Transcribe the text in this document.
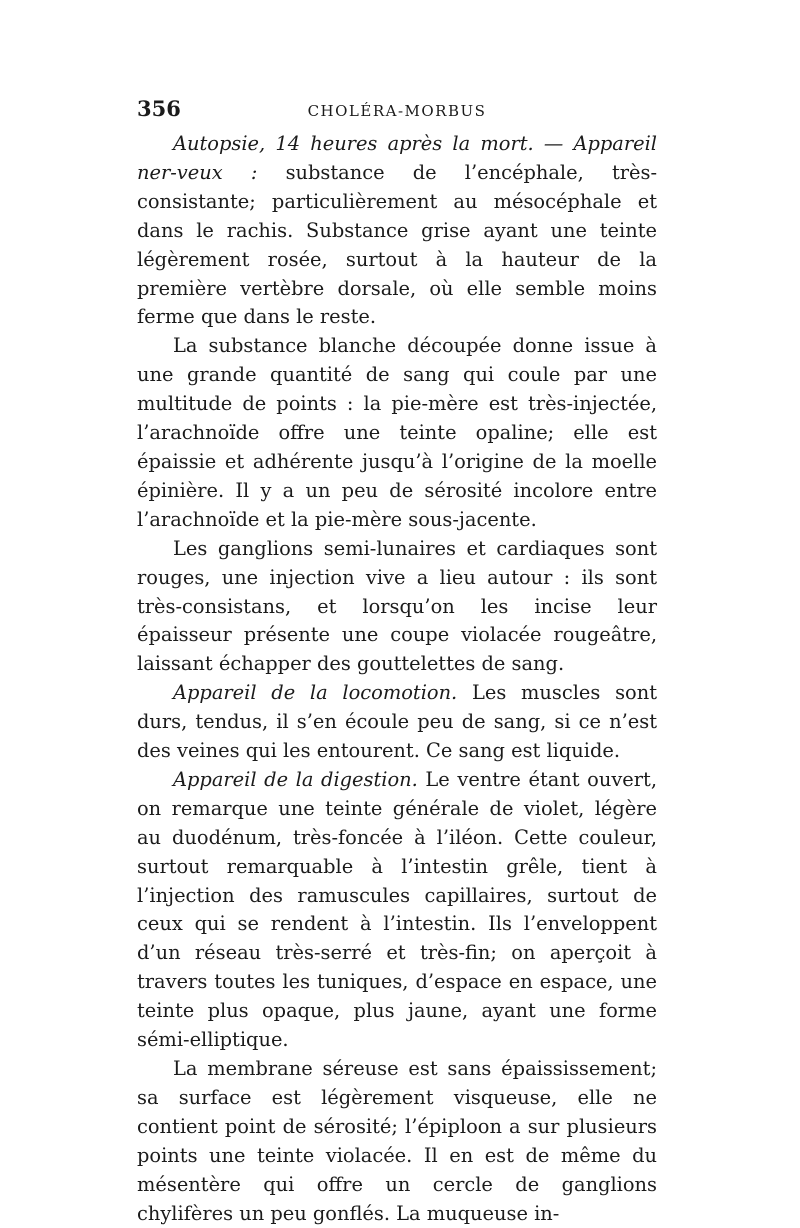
356	CHOLÉRA-MORBUS

Autopsie, 14 heures après la mort. — Appareil ner-veux : substance de l’encéphale, très-consistante; particulièrement au mésocéphale et dans le rachis. Substance grise ayant une teinte légèrement rosée, surtout à la hauteur de la première vertèbre dorsale, où elle semble moins ferme que dans le reste.

La substance blanche découpée donne issue à une grande quantité de sang qui coule par une multitude de points : la pie-mère est très-injectée, l’arachnoïde offre une teinte opaline; elle est épaissie et adhérente jusqu’à l’origine de la moelle épinière. Il y a un peu de sérosité incolore entre l’arachnoïde et la pie-mère sous-jacente.

Les ganglions semi-lunaires et cardiaques sont rouges, une injection vive a lieu autour : ils sont très-consistans, et lorsqu’on les incise leur épaisseur présente une coupe violacée rougeâtre, laissant échapper des gouttelettes de sang.

Appareil de la locomotion. Les muscles sont durs, tendus, il s’en écoule peu de sang, si ce n’est des veines qui les entourent. Ce sang est liquide.

Appareil de la digestion. Le ventre étant ouvert, on remarque une teinte générale de violet, légère au duodénum, très-foncée à l’iléon. Cette couleur, surtout remarquable à l’intestin grêle, tient à l’injection des ramuscules capillaires, surtout de ceux qui se rendent à l’intestin. Ils l’enveloppent d’un réseau très-serré et très-fin; on aperçoit à travers toutes les tuniques, d’espace en espace, une teinte plus opaque, plus jaune, ayant une forme sémi-elliptique.

La membrane séreuse est sans épaississement; sa surface est légèrement visqueuse, elle ne contient point de sérosité; l’épiploon a sur plusieurs points une teinte violacée. Il en est de même du mésentère qui offre un cercle de ganglions chylifères un peu gonflés. La muqueuse in-
